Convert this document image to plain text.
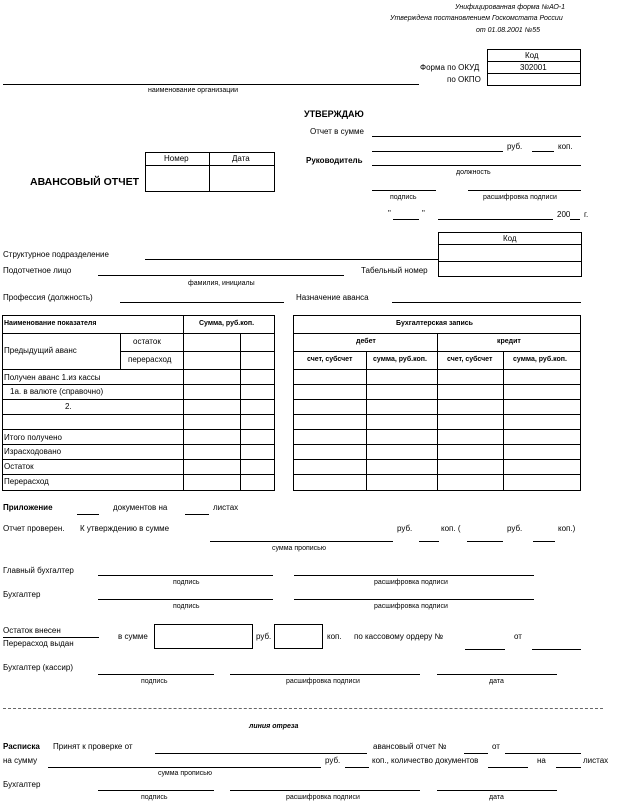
Унифицированная форма №АО-1
Утверждена постановлением Госкомстата России
от 01.08.2001 №55
Код
302001
Форма по ОКУД
по ОКПО
наименование организации
УТВЕРЖДАЮ
Отчет в сумме
руб.	коп.
Руководитель
должность
подпись	расшифровка подписи
"	"	200 г.
АВАНСОВЫЙ ОТЧЕТ
Номер	Дата
Код
Структурное подразделение
Подотчетное лицо	Табельный номер
фамилия, инициалы
Профессия (должность)	Назначение аванса
Наименование показателя	Сумма, руб.коп.
Предыдущий аванс
остаток
перерасход
Получен аванс 1.из кассы
1а. в валюте (справочно)
2.
Итого получено
Израсходовано
Остаток
Перерасход
Бухгалтерская запись
дебет	кредит
счет, субсчет	сумма, руб.коп.	счет, субсчет	сумма, руб.коп.
Приложение	документов на	листах
Отчет проверен. К утверждению в сумме	руб.	коп. (	руб.	коп.)
сумма прописью
Главный бухгалтер
подпись	расшифровка подписи
Бухгалтер
подпись	расшифровка подписи
Остаток внесен
Перерасход выдан
в сумме	руб.	коп. по кассовому ордеру №	от
Бухгалтер (кассир)
подпись	расшифровка подписи	дата
линия отреза
Расписка Принят к проверке от	авансовый отчет №	от
на сумму	руб.	коп., количество документов	на	листах
сумма прописью
Бухгалтер
подпись	расшифровка подписи	дата
